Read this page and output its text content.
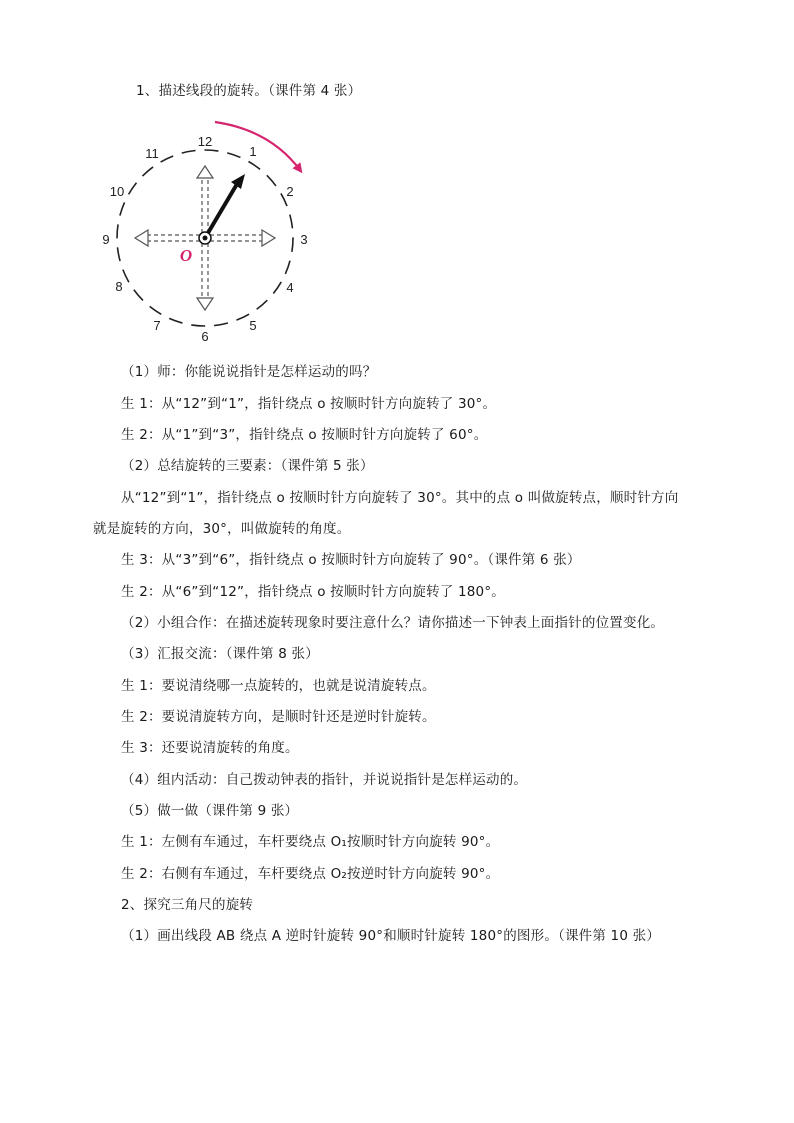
1、描述线段的旋转。（课件第 4 张）
12
1
2
3
4
5
6
7
8
9
10
11
O
（1）师：你能说说指针是怎样运动的吗？
生 1：从“12”到“1”，指针绕点 o 按顺时针方向旋转了 30°。
生 2：从“1”到“3”，指针绕点 o 按顺时针方向旋转了 60°。
（2）总结旋转的三要素：（课件第 5 张）
从“12”到“1”，指针绕点 o 按顺时针方向旋转了 30°。其中的点 o 叫做旋转点，顺时针方向
就是旋转的方向，30°，叫做旋转的角度。
生 3：从“3”到“6”，指针绕点 o 按顺时针方向旋转了 90°。（课件第 6 张）
生 2：从“6”到“12”，指针绕点 o 按顺时针方向旋转了 180°。
（2）小组合作：在描述旋转现象时要注意什么？请你描述一下钟表上面指针的位置变化。
（3）汇报交流：（课件第 8 张）
生 1：要说清绕哪一点旋转的，也就是说清旋转点。
生 2：要说清旋转方向，是顺时针还是逆时针旋转。
生 3：还要说清旋转的角度。
（4）组内活动：自己拨动钟表的指针，并说说指针是怎样运动的。
（5）做一做（课件第 9 张）
生 1：左侧有车通过，车杆要绕点 O₁按顺时针方向旋转 90°。
生 2：右侧有车通过，车杆要绕点 O₂按逆时针方向旋转 90°。
2、探究三角尺的旋转
（1）画出线段 AB 绕点 A 逆时针旋转 90°和顺时针旋转 180°的图形。（课件第 10 张）
